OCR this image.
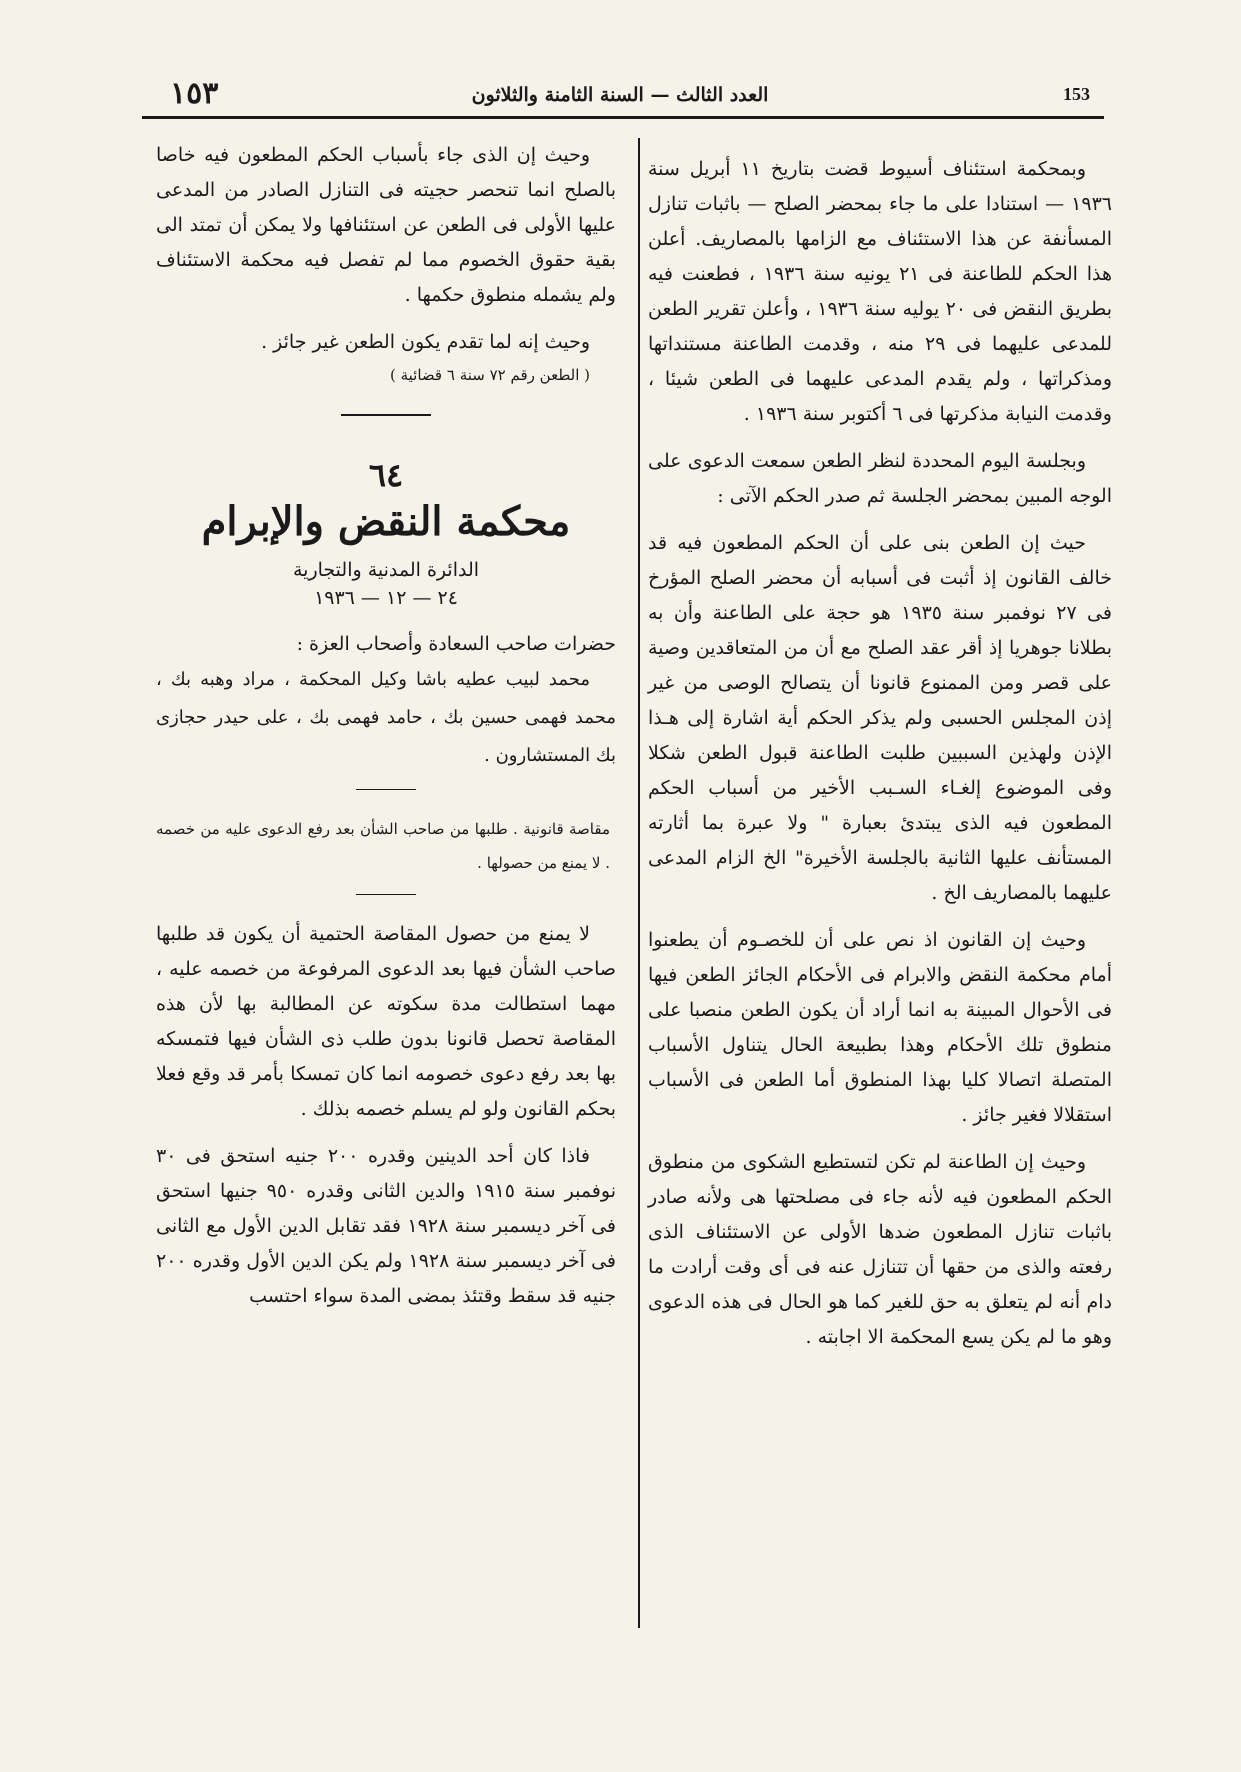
١٥٣	العدد الثالث — السنة الثامنة والثلاثون	153

وبمحكمة استئناف أسيوط قضت بتاريخ ١١ أبريل سنة ١٩٣٦ — استنادا على ما جاء بمحضر الصلح — باثبات تنازل المسأنفة عن هذا الاستئناف مع الزامها بالمصاريف. أعلن هذا الحكم للطاعنة فى ٢١ يونيه سنة ١٩٣٦ ، فطعنت فيه بطريق النقض فى ٢٠ يوليه سنة ١٩٣٦ ، وأعلن تقرير الطعن للمدعى عليهما فى ٢٩ منه ، وقدمت الطاعنة مستنداتها ومذكراتها ، ولم يقدم المدعى عليهما فى الطعن شيئا ، وقدمت النيابة مذكرتها فى ٦ أكتوبر سنة ١٩٣٦ .

وبجلسة اليوم المحددة لنظر الطعن سمعت الدعوى على الوجه المبين بمحضر الجلسة ثم صدر الحكم الآتى :

حيث إن الطعن بنى على أن الحكم المطعون فيه قد خالف القانون إذ أثبت فى أسبابه أن محضر الصلح المؤرخ فى ٢٧ نوفمبر سنة ١٩٣٥ هو حجة على الطاعنة وأن به بطلانا جوهريا إذ أقر عقد الصلح مع أن من المتعاقدين وصية على قصر ومن الممنوع قانونا أن يتصالح الوصى من غير إذن المجلس الحسبى ولم يذكر الحكم أية اشارة إلى هـذا الإذن ولهذين السببين طلبت الطاعنة قبول الطعن شكلا وفى الموضوع إلغـاء السـبب الأخير من أسباب الحكم المطعون فيه الذى يبتدئ بعبارة " ولا عبرة بما أثارته المستأنف عليها الثانية بالجلسة الأخيرة" الخ الزام المدعى عليهما بالمصاريف الخ .

وحيث إن القانون اذ نص على أن للخصـوم أن يطعنوا أمام محكمة النقض والابرام فى الأحكام الجائز الطعن فيها فى الأحوال المبينة به انما أراد أن يكون الطعن منصبا على منطوق تلك الأحكام وهذا بطبيعة الحال يتناول الأسباب المتصلة اتصالا كليا بهذا المنطوق أما الطعن فى الأسباب استقلالا فغير جائز .

وحيث إن الطاعنة لم تكن لتستطيع الشكوى من منطوق الحكم المطعون فيه لأنه جاء فى مصلحتها هى ولأنه صادر باثبات تنازل المطعون ضدها الأولى عن الاستئناف الذى رفعته والذى من حقها أن تتنازل عنه فى أى وقت أرادت ما دام أنه لم يتعلق به حق للغير كما هو الحال فى هذه الدعوى وهو ما لم يكن يسع المحكمة الا اجابته .

وحيث إن الذى جاء بأسباب الحكم المطعون فيه خاصا بالصلح انما تنحصر حجيته فى التنازل الصادر من المدعى عليها الأولى فى الطعن عن استئنافها ولا يمكن أن تمتد الى بقية حقوق الخصوم مما لم تفصل فيه محكمة الاستئناف ولم يشمله منطوق حكمها .

وحيث إنه لما تقدم يكون الطعن غير جائز .

( الطعن رقم ٧٢ سنة ٦ قضائية )

٦٤

محكمة النقض والإبرام

الدائرة المدنية والتجارية

٢٤ — ١٢ — ١٩٣٦

حضرات صاحب السعادة وأصحاب العزة :

محمد لبيب عطيه باشا وكيل المحكمة ، مراد وهبه بك ، محمد فهمى حسين بك ، حامد فهمى بك ، على حيدر حجازى بك المستشارون .

مقاصة قانونية . طلبها من صاحب الشأن بعد رفع الدعوى عليه من خصمه . لا يمنع من حصولها .

لا يمنع من حصول المقاصة الحتمية أن يكون قد طلبها صاحب الشأن فيها بعد الدعوى المرفوعة من خصمه عليه ، مهما استطالت مدة سكوته عن المطالبة بها لأن هذه المقاصة تحصل قانونا بدون طلب ذى الشأن فيها فتمسكه بها بعد رفع دعوى خصومه انما كان تمسكا بأمر قد وقع فعلا بحكم القانون ولو لم يسلم خصمه بذلك .

فاذا كان أحد الدينين وقدره ٢٠٠ جنيه استحق فى ٣٠ نوفمبر سنة ١٩١٥ والدين الثانى وقدره ٩٥٠ جنيها استحق فى آخر ديسمبر سنة ١٩٢٨ فقد تقابل الدين الأول مع الثانى فى آخر ديسمبر سنة ١٩٢٨ ولم يكن الدين الأول وقدره ٢٠٠ جنيه قد سقط وقتئذ بمضى المدة سواء احتسب
